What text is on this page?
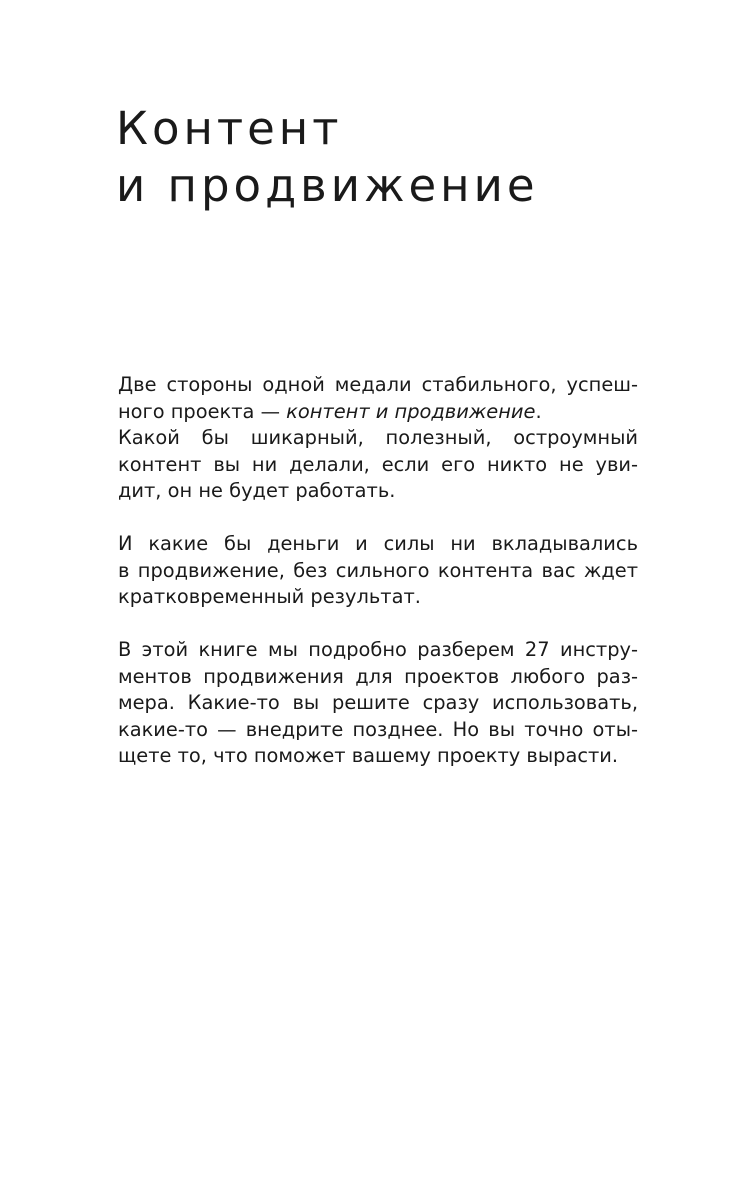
Контент
и продвижение
Две стороны одной медали стабильного, успеш-
ного проекта — контент и продвижение.
Какой бы шикарный, полезный, остроумный
контент вы ни делали, если его никто не уви-
дит, он не будет работать.
И какие бы деньги и силы ни вкладывались
в продвижение, без сильного контента вас ждет
кратковременный результат.
В этой книге мы подробно разберем 27 инстру-
ментов продвижения для проектов любого раз-
мера. Какие-то вы решите сразу использовать,
какие-то — внедрите позднее. Но вы точно оты-
щете то, что поможет вашему проекту вырасти.
